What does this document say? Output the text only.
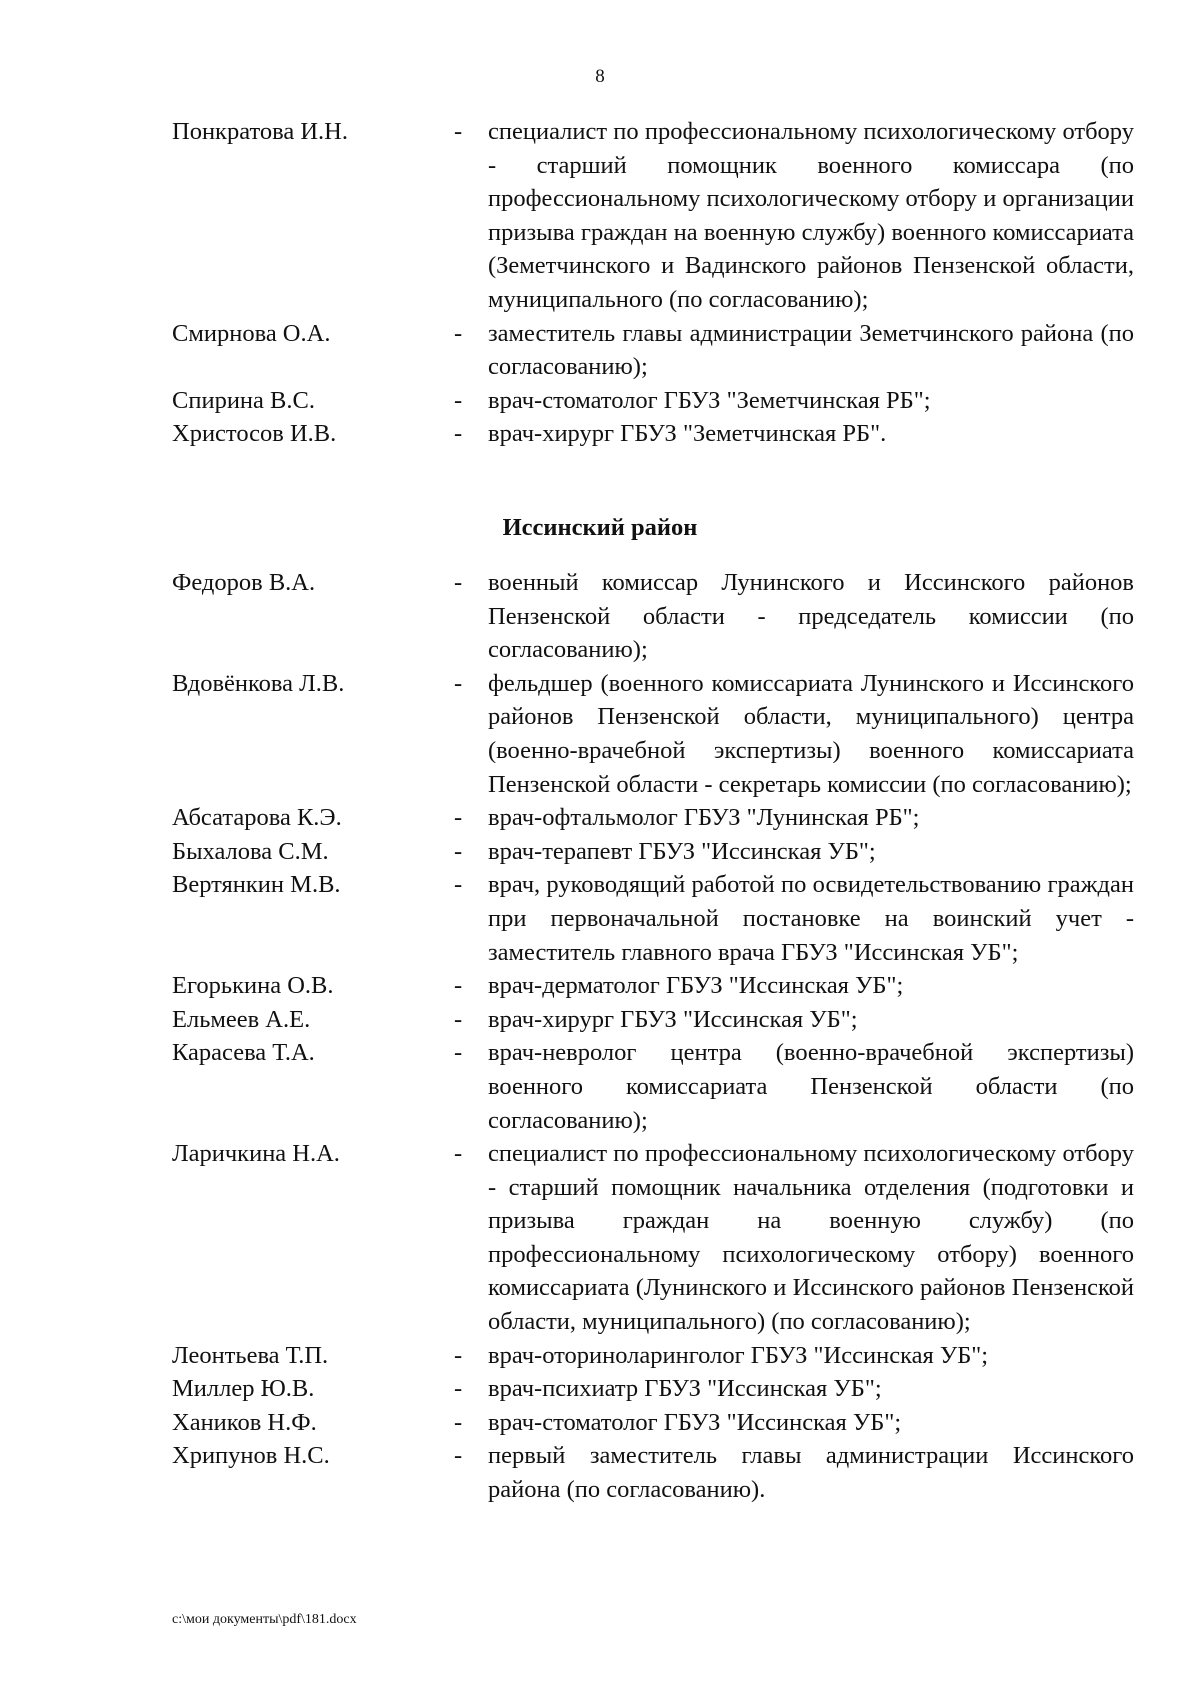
8
Понкратова И.Н.	- специалист по профессиональному психологическому отбору - старший помощник военного комиссара (по профессиональному психологическому отбору и организации призыва граждан на военную службу) военного комиссариата (Земетчинского и Вадинского районов Пензенской области, муниципального (по согласованию);
Смирнова О.А.	- заместитель главы администрации Земетчинского района (по согласованию);
Спирина В.С.	- врач-стоматолог ГБУЗ "Земетчинская РБ";
Христосов И.В.	- врач-хирург ГБУЗ "Земетчинская РБ".
Иссинский район
Федоров В.А.	- военный комиссар Лунинского и Иссинского районов Пензенской области - председатель комиссии (по согласованию);
Вдовёнкова Л.В.	- фельдшер (военного комиссариата Лунинского и Иссинского районов Пензенской области, муниципального) центра (военно-врачебной экспертизы) военного комиссариата Пензенской области - секретарь комиссии (по согласованию);
Абсатарова К.Э.	- врач-офтальмолог ГБУЗ "Лунинская РБ";
Быхалова С.М.	- врач-терапевт ГБУЗ "Иссинская УБ";
Вертянкин М.В.	- врач, руководящий работой по освидетельствованию граждан при первоначальной постановке на воинский учет - заместитель главного врача ГБУЗ "Иссинская УБ";
Егорькина О.В.	- врач-дерматолог ГБУЗ "Иссинская УБ";
Ельмеев А.Е.	- врач-хирург ГБУЗ "Иссинская УБ";
Карасева Т.А.	- врач-невролог центра (военно-врачебной экспертизы) военного комиссариата Пензенской области (по согласованию);
Ларичкина Н.А.	- специалист по профессиональному психологическому отбору - старший помощник начальника отделения (подготовки и призыва граждан на военную службу) (по профессиональному психологическому отбору) военного комиссариата (Лунинского и Иссинского районов Пензенской области, муниципального) (по согласованию);
Леонтьева Т.П.	- врач-оториноларинголог ГБУЗ "Иссинская УБ";
Миллер Ю.В.	- врач-психиатр ГБУЗ "Иссинская УБ";
Хаников Н.Ф.	- врач-стоматолог ГБУЗ "Иссинская УБ";
Хрипунов Н.С.	- первый заместитель главы администрации Иссинского района (по согласованию).
c:\мои документы\pdf\181.docx
